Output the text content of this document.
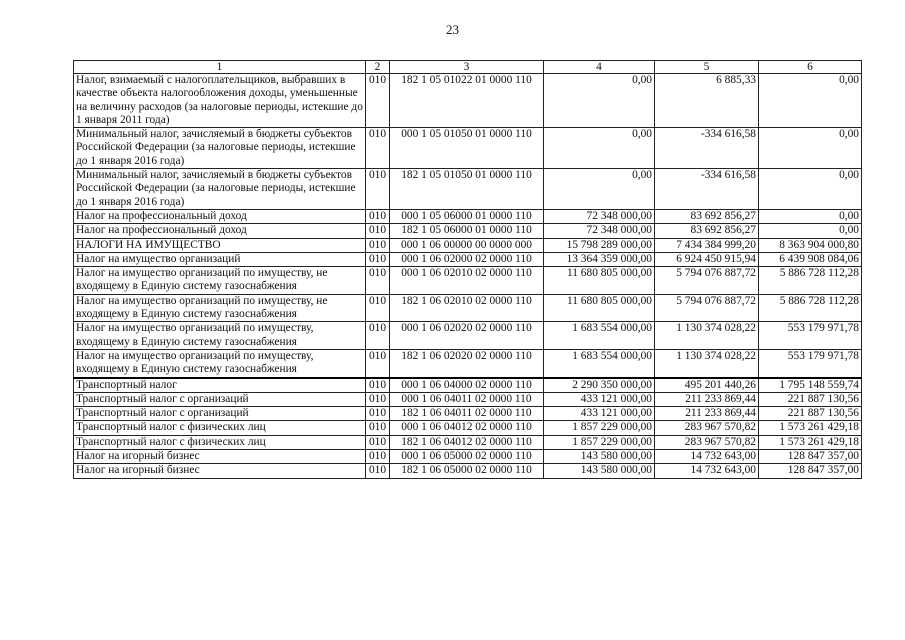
23
1	2	3	4	5	6
Налог, взимаемый с налогоплательщиков, выбравших в качестве объекта налогообложения доходы, уменьшенные на величину расходов (за налоговые периоды, истекшие до 1 января 2011 года)	010	182 1 05 01022 01 0000 110	0,00	6 885,33	0,00
Минимальный налог, зачисляемый в бюджеты субъектов Российской Федерации (за налоговые периоды, истекшие до 1 января 2016 года)	010	000 1 05 01050 01 0000 110	0,00	-334 616,58	0,00
Минимальный налог, зачисляемый в бюджеты субъектов Российской Федерации (за налоговые периоды, истекшие до 1 января 2016 года)	010	182 1 05 01050 01 0000 110	0,00	-334 616,58	0,00
Налог на профессиональный доход	010	000 1 05 06000 01 0000 110	72 348 000,00	83 692 856,27	0,00
Налог на профессиональный доход	010	182 1 05 06000 01 0000 110	72 348 000,00	83 692 856,27	0,00
НАЛОГИ НА ИМУЩЕСТВО	010	000 1 06 00000 00 0000 000	15 798 289 000,00	7 434 384 999,20	8 363 904 000,80
Налог на имущество организаций	010	000 1 06 02000 02 0000 110	13 364 359 000,00	6 924 450 915,94	6 439 908 084,06
Налог на имущество организаций по имуществу, не входящему в Единую систему газоснабжения	010	000 1 06 02010 02 0000 110	11 680 805 000,00	5 794 076 887,72	5 886 728 112,28
Налог на имущество организаций по имуществу, не входящему в Единую систему газоснабжения	010	182 1 06 02010 02 0000 110	11 680 805 000,00	5 794 076 887,72	5 886 728 112,28
Налог на имущество организаций по имуществу, входящему в Единую систему газоснабжения	010	000 1 06 02020 02 0000 110	1 683 554 000,00	1 130 374 028,22	553 179 971,78
Налог на имущество организаций по имуществу, входящему в Единую систему газоснабжения	010	182 1 06 02020 02 0000 110	1 683 554 000,00	1 130 374 028,22	553 179 971,78
Транспортный налог	010	000 1 06 04000 02 0000 110	2 290 350 000,00	495 201 440,26	1 795 148 559,74
Транспортный налог с организаций	010	000 1 06 04011 02 0000 110	433 121 000,00	211 233 869,44	221 887 130,56
Транспортный налог с организаций	010	182 1 06 04011 02 0000 110	433 121 000,00	211 233 869,44	221 887 130,56
Транспортный налог с физических лиц	010	000 1 06 04012 02 0000 110	1 857 229 000,00	283 967 570,82	1 573 261 429,18
Транспортный налог с физических лиц	010	182 1 06 04012 02 0000 110	1 857 229 000,00	283 967 570,82	1 573 261 429,18
Налог на игорный бизнес	010	000 1 06 05000 02 0000 110	143 580 000,00	14 732 643,00	128 847 357,00
Налог на игорный бизнес	010	182 1 06 05000 02 0000 110	143 580 000,00	14 732 643,00	128 847 357,00
